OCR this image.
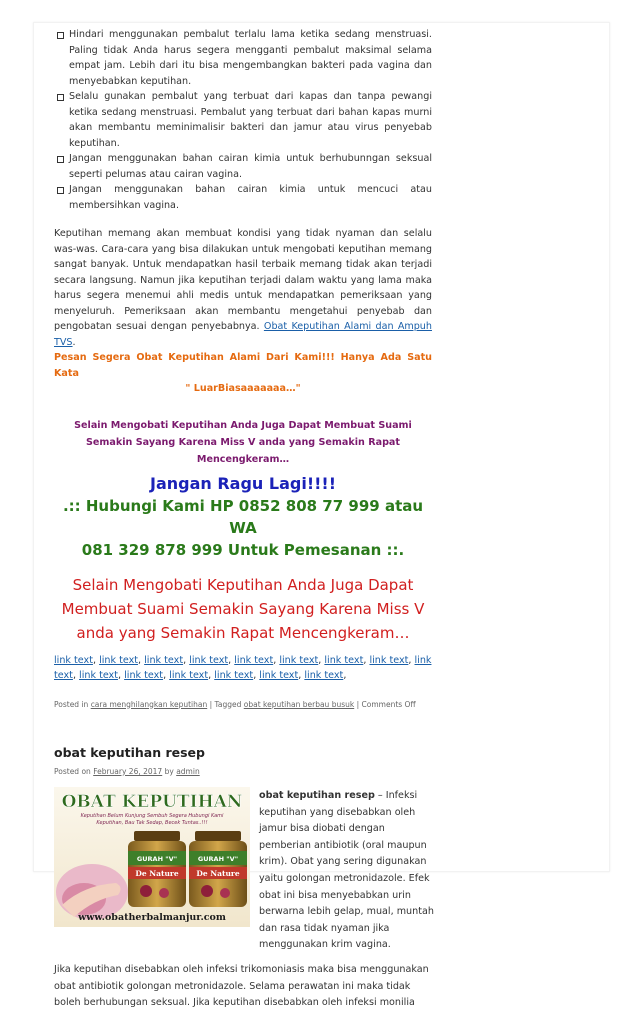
Hindari menggunakan pembalut terlalu lama ketika sedang menstruasi. Paling tidak Anda harus segera mengganti pembalut maksimal selama empat jam. Lebih dari itu bisa mengembangkan bakteri pada vagina dan menyebabkan keputihan.
Selalu gunakan pembalut yang terbuat dari kapas dan tanpa pewangi ketika sedang menstruasi. Pembalut yang terbuat dari bahan kapas murni akan membantu meminimalisir bakteri dan jamur atau virus penyebab keputihan.
Jangan menggunakan bahan cairan kimia untuk berhubunngan seksual seperti pelumas atau cairan vagina.
Jangan menggunakan bahan cairan kimia untuk mencuci atau membersihkan vagina.

Keputihan memang akan membuat kondisi yang tidak nyaman dan selalu was-was. Cara-cara yang bisa dilakukan untuk mengobati keputihan memang sangat banyak. Untuk mendapatkan hasil terbaik memang tidak akan terjadi secara langsung. Namun jika keputihan terjadi dalam waktu yang lama maka harus segera menemui ahli medis untuk mendapatkan pemeriksaan yang menyeluruh. Pemeriksaan akan membantu mengetahui penyebab dan pengobatan sesuai dengan penyebabnya. Obat Keputihan Alami dan Ampuh TVS.

Pesan Segera Obat Keputihan Alami Dari Kami!!! Hanya Ada Satu Kata

" LuarBiasaaaaaaa…"

Selain Mengobati Keputihan Anda Juga Dapat Membuat Suami Semakin Sayang Karena Miss V anda yang Semakin Rapat Mencengkeram…

Jangan Ragu Lagi!!!!

.:: Hubungi Kami HP 0852 808 77 999 atau WA

081 329 878 999 Untuk Pemesanan ::.

Selain Mengobati Keputihan Anda Juga Dapat Membuat Suami Semakin Sayang Karena Miss V anda yang Semakin Rapat Mencengkeram…

link text, link text, link text, link text, link text, link text, link text, link text, link text, link text, link text, link text, link text, link text, link text,

Posted in cara menghilangkan keputihan | Tagged obat keputihan berbau busuk | Comments Off

obat keputihan resep

Posted on February 26, 2017 by admin

OBAT KEPUTIHAN
Keputihan Belum Kunjung Sembuh Segera Hubungi Kami
Keputihan, Bau Tak Sedap, Becek Tuntas..!!!
GURAH "V"
De Nature
GURAH "V"
De Nature
www.obatherbalmanjur.com

obat keputihan resep – Infeksi keputihan yang disebabkan oleh jamur bisa diobati dengan pemberian antibiotik (oral maupun krim). Obat yang sering digunakan yaitu golongan metronidazole. Efek obat ini bisa menyebabkan urin berwarna lebih gelap, mual, muntah dan rasa tidak nyaman jika menggunakan krim vagina.

Jika keputihan disebabkan oleh infeksi trikomoniasis maka bisa menggunakan obat antibiotik golongan metronidazole. Selama perawatan ini maka tidak boleh berhubungan seksual. Jika keputihan disebabkan oleh infeksi monilia
